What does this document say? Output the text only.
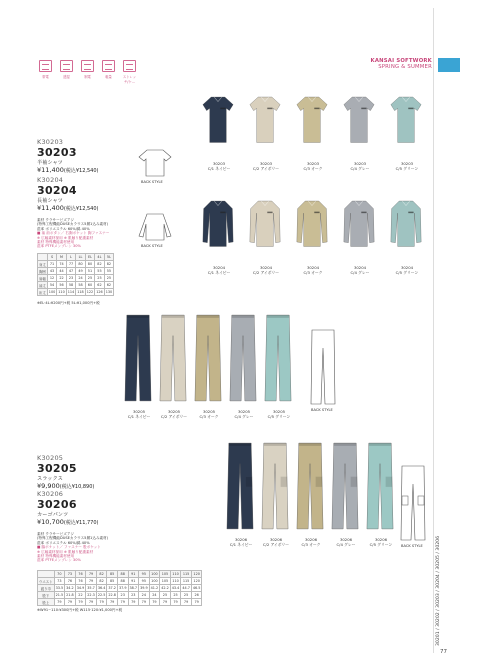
帯電	透湿	制電	軽量	ストレッチ/ケ…
KANSAI SOFTWORK
SPRING & SUMMER
K30203
30203
半袖シャツ
¥11,400(税込¥12,540)
K30204
30204
長袖シャツ
¥11,400(税込¥12,540)
素材 クラサービズアジ
(特殊工程機能DUSEカラウス5層1込み素材)
混率 ポリエステル 60%/綿 40%
■ 袖 前ボタン／ 右胸ポケット 胸ファスナー
※ 広幅素材採用 ※ 肌触り配慮素材
素材 特殊機能素材使用
混率 PTFEメンブレン 30%
BACK STYLE
BACK STYLE
	S	M	L	LL	EL	4L	5L
身丈	71	74	77	80	80	82	82
胸囲	43	44	47	49	51	55	55
肩幅	12	22	23	24	25	25	25
袖丈	54	56	58	58	60	62	62
裄丈	100	110	114	118	122	126	130
※EL·4L:¥200円+税 5L:¥1,000円+税
30203
C/1 ネイビー
30203
C/2 アイボリー
30203
C/3 オーク
30203
C/4 グレー
30203
C/5 グリーン
30204
C/1 ネイビー
30204
C/2 アイボリー
30204
C/3 オーク
30204
C/4 グレー
30204
C/5 グリーン
30205
C/1 ネイビー
30205
C/2 アイボリー
30205
C/3 オーク
30205
C/4 グレー
30205
C/5 グリーン
30206
C/1 ネイビー
30206
C/2 アイボリー
30206
C/3 オーク
30206
C/4 グレー
30206
C/5 グリーン
BACK STYLE
BACK STYLE
K30205
30205
スラックス
¥9,900(税込¥10,890)
K30206
30206
カーゴパンツ
¥10,700(税込¥11,770)
素材 クラサービズアジ
(特殊工程機能DUSEカラウス5層1込み素材)
混率 ポリエステル 60%/綿 40%
■ 脇ポケット／ ファスナー 股ポケット
※ 広幅素材採用 ※ 肌触り配慮素材
素材 特殊機能素材使用
混率 PTFEメンブレン 30%
	70	73	76	79	82	85	88	91	95	100	105	110	115	120
ウエスト	73	76	76	79	82	85	88	91	95	100	105	110	115	120
渡り巾	33.5	34.2	34.9	35.7	36.4	37.2	37.9	38.7	39.9	41.2	42.2	43.4	44.7	46.5
股下	21.5	21.8	22	22.3	22.5	22.8	23	23	24	24	25	25	25	26
股上	79	79	79	79	79	79	79	79	79	79	79	79	79	79
※W91~110:¥300円+税 W115·120:¥1,000円+税	30201 / 30202 / 30203 / 30204 / 30205 / 30206
77
